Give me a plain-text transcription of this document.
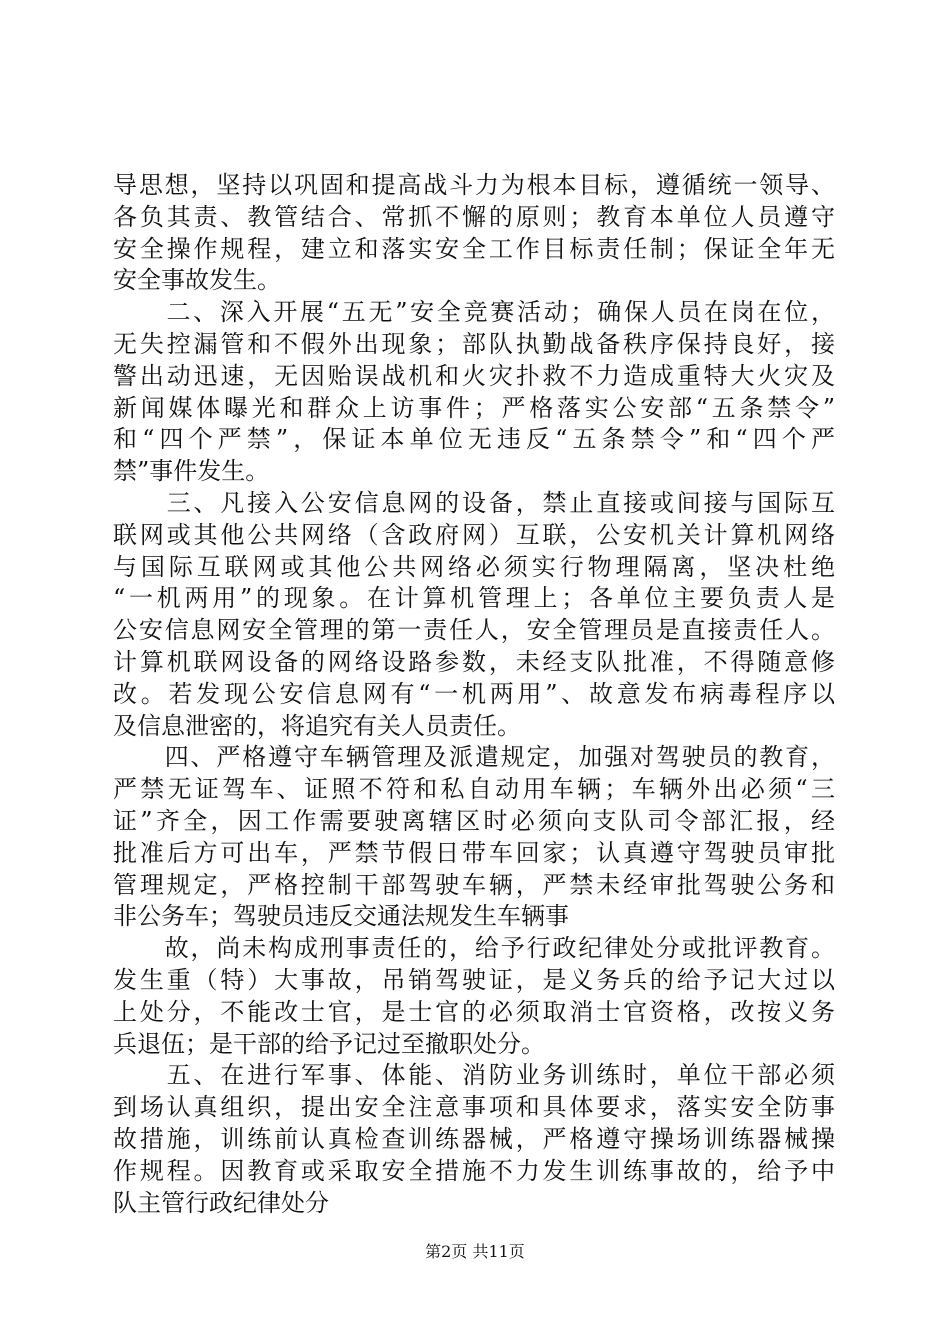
导思想，坚持以巩固和提高战斗力为根本目标，遵循统一领导、
各负其责、教管结合、常抓不懈的原则；教育本单位人员遵守
安全操作规程，建立和落实安全工作目标责任制；保证全年无
安全事故发生。
　　二、深入开展“五无”安全竞赛活动；确保人员在岗在位，
无失控漏管和不假外出现象；部队执勤战备秩序保持良好，接
警出动迅速，无因贻误战机和火灾扑救不力造成重特大火灾及
新闻媒体曝光和群众上访事件；严格落实公安部“五条禁令”
和“四个严禁”，保证本单位无违反“五条禁令”和“四个严
禁”事件发生。
　　三、凡接入公安信息网的设备，禁止直接或间接与国际互
联网或其他公共网络（含政府网）互联，公安机关计算机网络
与国际互联网或其他公共网络必须实行物理隔离，坚决杜绝
“一机两用”的现象。在计算机管理上；各单位主要负责人是
公安信息网安全管理的第一责任人，安全管理员是直接责任人。
计算机联网设备的网络设路参数，未经支队批准，不得随意修
改。若发现公安信息网有“一机两用”、故意发布病毒程序以
及信息泄密的，将追究有关人员责任。
　　四、严格遵守车辆管理及派遣规定，加强对驾驶员的教育，
严禁无证驾车、证照不符和私自动用车辆；车辆外出必须“三
证”齐全，因工作需要驶离辖区时必须向支队司令部汇报，经
批准后方可出车，严禁节假日带车回家；认真遵守驾驶员审批
管理规定，严格控制干部驾驶车辆，严禁未经审批驾驶公务和
非公务车；驾驶员违反交通法规发生车辆事
　　故，尚未构成刑事责任的，给予行政纪律处分或批评教育。
发生重（特）大事故，吊销驾驶证，是义务兵的给予记大过以
上处分，不能改士官，是士官的必须取消士官资格，改按义务
兵退伍；是干部的给予记过至撤职处分。
　　五、在进行军事、体能、消防业务训练时，单位干部必须
到场认真组织，提出安全注意事项和具体要求，落实安全防事
故措施，训练前认真检查训练器械，严格遵守操场训练器械操
作规程。因教育或采取安全措施不力发生训练事故的，给予中
队主管行政纪律处分
第2页 共11页
